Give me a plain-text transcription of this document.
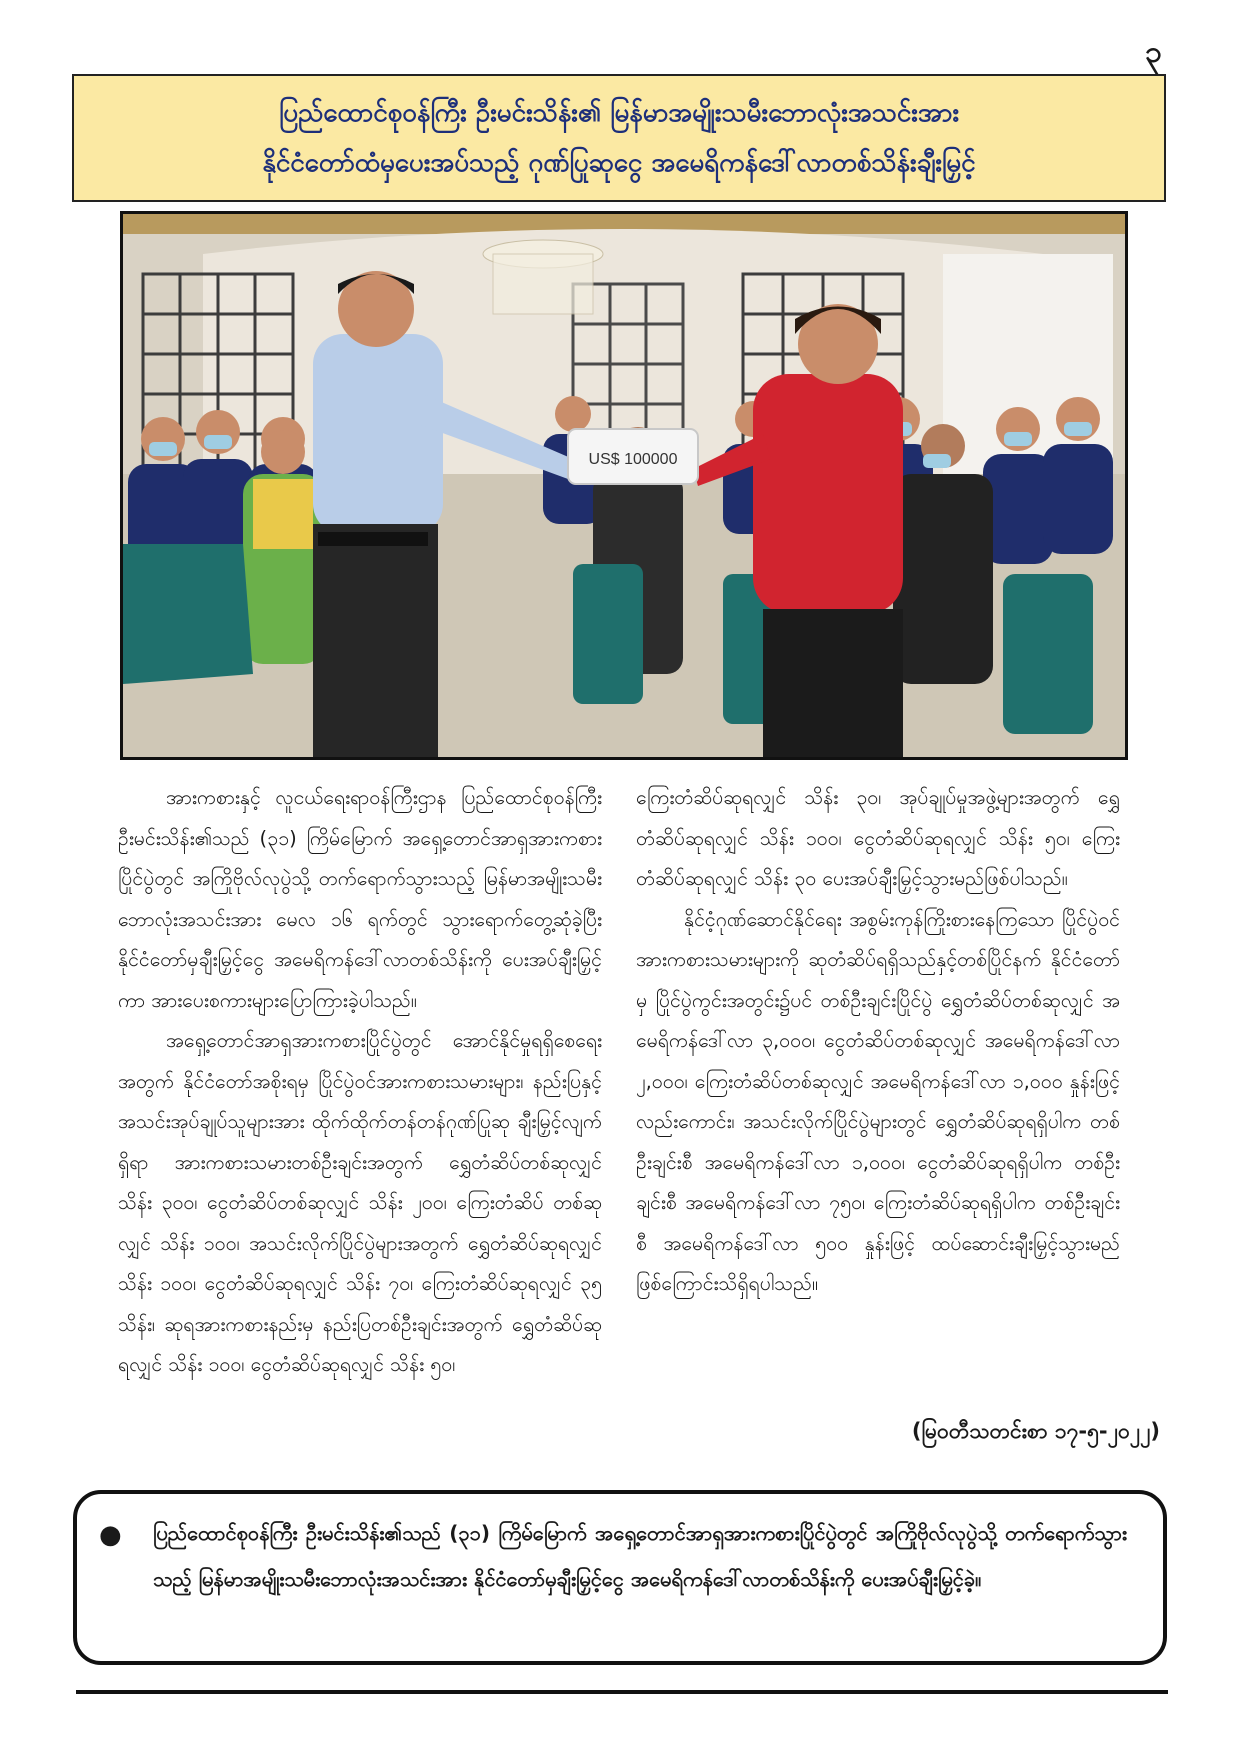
၃
ပြည်ထောင်စုဝန်ကြီး ဦးမင်းသိန်း၏ မြန်မာအမျိုးသမီးဘောလုံးအသင်းအား
နိုင်ငံတော်ထံမှပေးအပ်သည့် ဂုဏ်ပြုဆုငွေ အမေရိကန်ဒေါ်လာတစ်သိန်းချီးမြှင့်
US$ 100000

အားကစားနှင့် လူငယ်ရေးရာဝန်ကြီးဌာန ပြည်ထောင်စုဝန်ကြီး ဦးမင်းသိန်း၏သည် (၃၁) ကြိမ်မြောက် အရှေ့တောင်အာရှအားကစားပြိုင်ပွဲတွင် အကြိုဗိုလ်လုပွဲသို့ တက်ရောက်သွားသည့် မြန်မာအမျိုးသမီးဘောလုံးအသင်းအား မေလ ၁၆ ရက်တွင် သွားရောက်တွေ့ဆုံခဲ့ပြီး နိုင်ငံတော်မှချီးမြှင့်ငွေ အမေရိကန်ဒေါ်လာတစ်သိန်းကို ပေးအပ်ချီးမြှင့်ကာ အားပေးစကားများပြောကြားခဲ့ပါသည်။

အရှေ့တောင်အာရှအားကစားပြိုင်ပွဲတွင် အောင်နိုင်မှုရရှိစေရေးအတွက် နိုင်ငံတော်အစိုးရမှ ပြိုင်ပွဲဝင်အားကစားသမားများ၊ နည်းပြနှင့် အသင်းအုပ်ချုပ်သူများအား ထိုက်ထိုက်တန်တန်ဂုဏ်ပြုဆု ချီးမြှင့်လျက်ရှိရာ အားကစားသမားတစ်ဦးချင်းအတွက် ရွှေတံဆိပ်တစ်ဆုလျှင် သိန်း ၃၀၀၊ ငွေတံဆိပ်တစ်ဆုလျှင် သိန်း ၂၀၀၊ ကြေးတံဆိပ် တစ်ဆုလျှင် သိန်း ၁၀၀၊ အသင်းလိုက်ပြိုင်ပွဲများအတွက် ရွှေတံဆိပ်ဆုရလျှင် သိန်း ၁၀၀၊ ငွေတံဆိပ်ဆုရလျှင် သိန်း ၇၀၊ ကြေးတံဆိပ်ဆုရလျှင် ၃၅ သိန်း၊ ဆုရအားကစားနည်းမှ နည်းပြတစ်ဦးချင်းအတွက် ရွှေတံဆိပ်ဆုရလျှင် သိန်း ၁၀၀၊ ငွေတံဆိပ်ဆုရလျှင် သိန်း ၅၀၊

ကြေးတံဆိပ်ဆုရလျှင် သိန်း ၃၀၊ အုပ်ချုပ်မှုအဖွဲ့များအတွက် ရွှေတံဆိပ်ဆုရလျှင် သိန်း ၁၀၀၊ ငွေတံဆိပ်ဆုရလျှင် သိန်း ၅၀၊ ကြေးတံဆိပ်ဆုရလျှင် သိန်း ၃၀ ပေးအပ်ချီးမြှင့်သွားမည်ဖြစ်ပါသည်။

နိုင်ငံ့ဂုဏ်ဆောင်နိုင်ရေး အစွမ်းကုန်ကြိုးစားနေကြသော ပြိုင်ပွဲဝင်အားကစားသမားများကို ဆုတံဆိပ်ရရှိသည်နှင့်တစ်ပြိုင်နက် နိုင်ငံတော်မှ ပြိုင်ပွဲကွင်းအတွင်း၌ပင် တစ်ဦးချင်းပြိုင်ပွဲ ရွှေတံဆိပ်တစ်ဆုလျှင် အမေရိကန်ဒေါ်လာ ၃,၀၀၀၊ ငွေတံဆိပ်တစ်ဆုလျှင် အမေရိကန်ဒေါ်လာ ၂,၀၀၀၊ ကြေးတံဆိပ်တစ်ဆုလျှင် အမေရိကန်ဒေါ်လာ ၁,၀၀၀ နှုန်းဖြင့်လည်းကောင်း၊ အသင်းလိုက်ပြိုင်ပွဲများတွင် ရွှေတံဆိပ်ဆုရရှိပါက တစ်ဦးချင်းစီ အမေရိကန်ဒေါ်လာ ၁,၀၀၀၊ ငွေတံဆိပ်ဆုရရှိပါက တစ်ဦးချင်းစီ အမေရိကန်ဒေါ်လာ ၇၅၀၊ ကြေးတံဆိပ်ဆုရရှိပါက တစ်ဦးချင်းစီ အမေရိကန်ဒေါ်လာ ၅၀၀ နှုန်းဖြင့် ထပ်ဆောင်းချီးမြှင့်သွားမည်ဖြစ်ကြောင်းသိရှိရပါသည်။

(မြဝတီသတင်းစာ ၁၇-၅-၂၀၂၂)
● ပြည်ထောင်စုဝန်ကြီး ဦးမင်းသိန်း၏သည် (၃၁) ကြိမ်မြောက် အရှေ့တောင်အာရှအားကစားပြိုင်ပွဲတွင် အကြိုဗိုလ်လုပွဲသို့ တက်ရောက်သွားသည့် မြန်မာအမျိုးသမီးဘောလုံးအသင်းအား နိုင်ငံတော်မှချီးမြှင့်ငွေ အမေရိကန်ဒေါ်လာတစ်သိန်းကို ပေးအပ်ချီးမြှင့်ခဲ့။
